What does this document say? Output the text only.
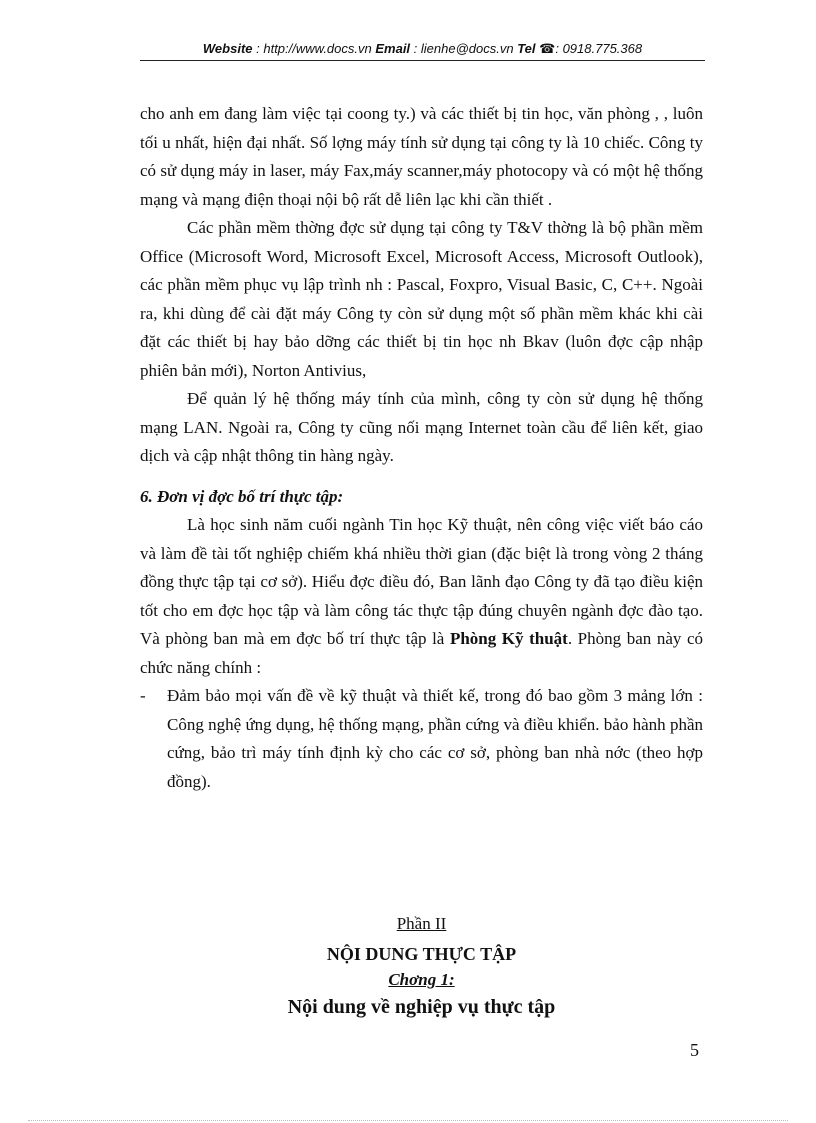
Website : http://www.docs.vn Email : lienhe@docs.vn Tel ☎: 0918.775.368

cho anh em đang làm việc tại coong ty.) và các thiết bị tin học, văn phòng , , luôn tối u nhất, hiện đại nhất. Số lợng máy tính sử dụng tại công ty là 10 chiếc. Công ty có sử dụng máy in laser, máy Fax,máy scanner,máy photocopy và có một hệ thống mạng và mạng điện thoại nội bộ rất dễ liên lạc khi cần thiết .

Các phần mềm thờng đợc sử dụng tại công ty T&V thờng là bộ phần mềm Office (Microsoft Word, Microsoft Excel, Microsoft Access, Microsoft Outlook), các phần mềm phục vụ lập trình nh : Pascal, Foxpro, Visual Basic, C, C++. Ngoài ra, khi dùng để cài đặt máy Công ty còn sử dụng một số phần mềm khác khi cài đặt các thiết bị hay bảo dỡng các thiết bị tin học nh Bkav (luôn đợc cập nhập phiên bản mới), Norton Antivius,

Để quản lý hệ thống máy tính của mình, công ty còn sử dụng hệ thống mạng LAN. Ngoài ra, Công ty cũng nối mạng Internet toàn cầu để liên kết, giao dịch và cập nhật thông tin hàng ngày.

6. Đơn vị đợc bố trí thực tập:

Là học sinh năm cuối ngành Tin học Kỹ thuật, nên công việc viết báo cáo và làm đề tài tốt nghiệp chiếm khá nhiều thời gian (đặc biệt là trong vòng 2 tháng đồng thực tập tại cơ sở). Hiểu đợc điều đó, Ban lãnh đạo Công ty đã tạo điều kiện tốt cho em đợc học tập và làm công tác thực tập đúng chuyên ngành đợc đào tạo. Và phòng ban mà em đợc bố trí thực tập là Phòng Kỹ thuật. Phòng ban này có chức năng chính :

-	Đảm bảo mọi vấn đề về kỹ thuật và thiết kế, trong đó bao gồm 3 mảng lớn : Công nghệ ứng dụng, hệ thống mạng, phần cứng và điều khiển. bảo hành phần cứng, bảo trì máy tính định kỳ cho các cơ sở, phòng ban nhà nớc (theo hợp đồng).
Phần II
NỘI DUNG THỰC TẬP
Chơng 1:
Nội dung về nghiệp vụ thực tập
5
